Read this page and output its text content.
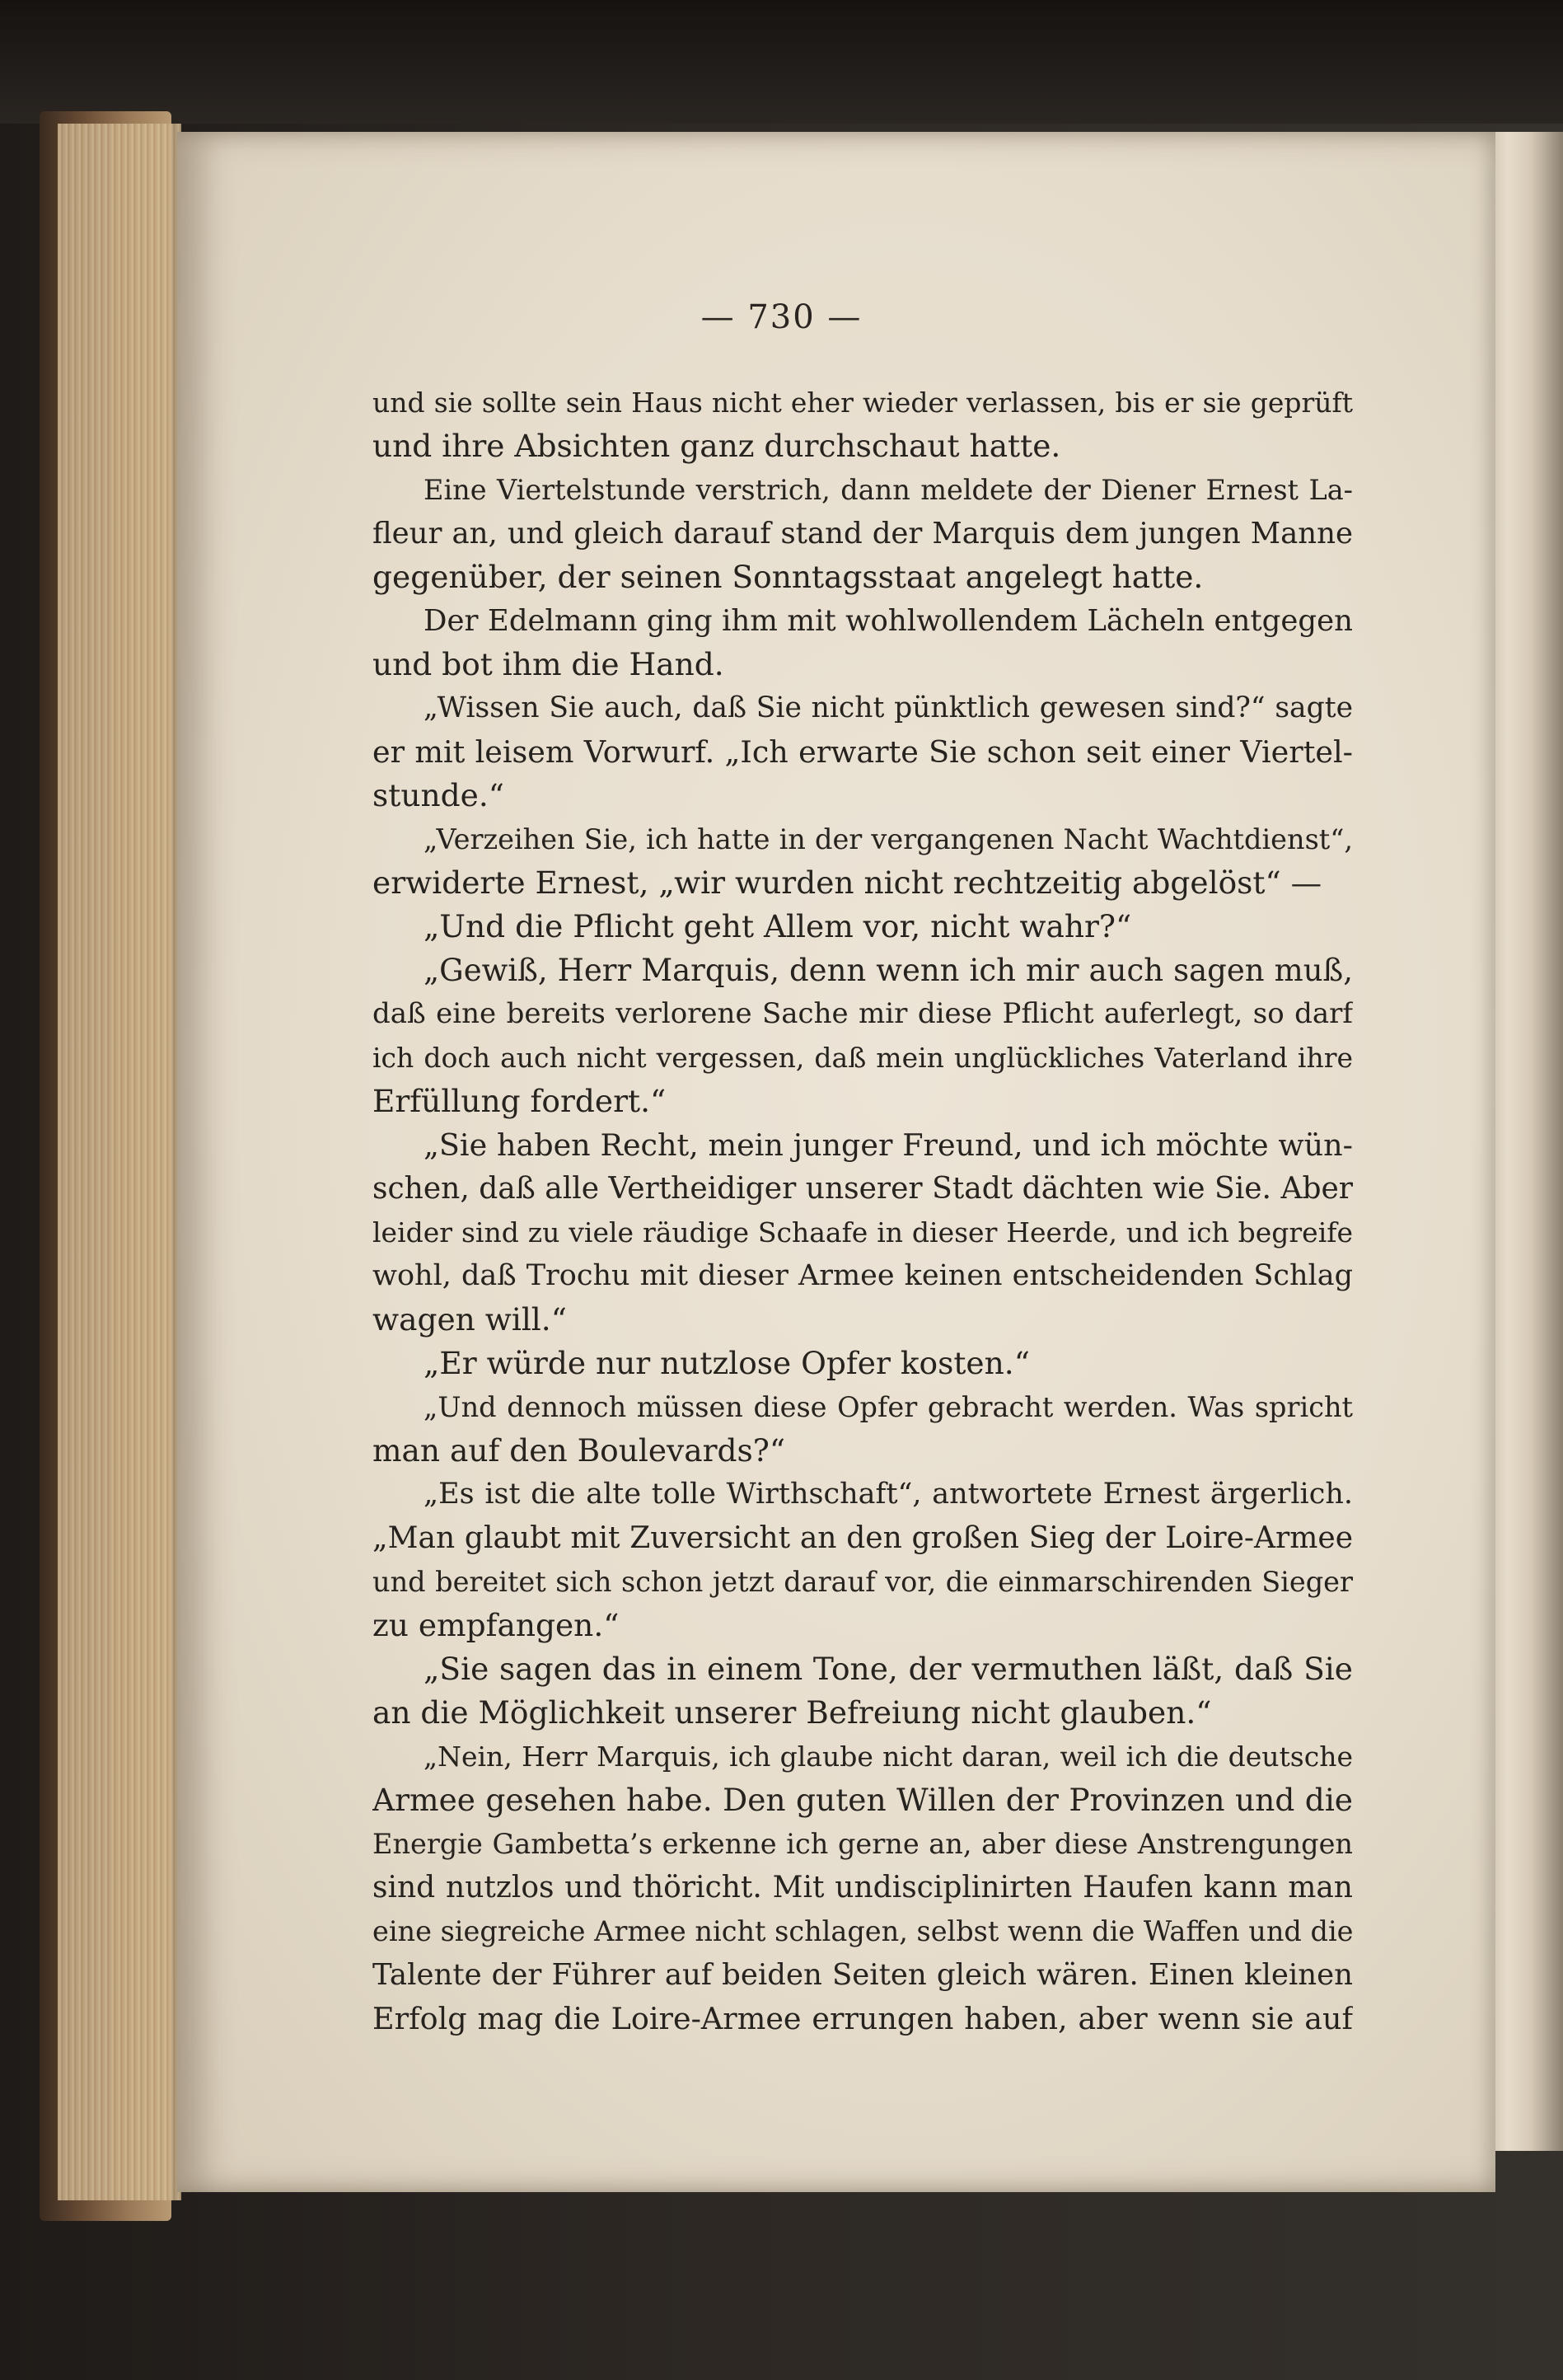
— 730 —
und sie sollte sein Haus nicht eher wieder verlassen, bis er sie geprüft
und ihre Absichten ganz durchschaut hatte.
Eine Viertelstunde verstrich, dann meldete der Diener Ernest La-
fleur an, und gleich darauf stand der Marquis dem jungen Manne
gegenüber, der seinen Sonntagsstaat angelegt hatte.
Der Edelmann ging ihm mit wohlwollendem Lächeln entgegen
und bot ihm die Hand.
„Wissen Sie auch, daß Sie nicht pünktlich gewesen sind?“ sagte
er mit leisem Vorwurf. „Ich erwarte Sie schon seit einer Viertel-
stunde.“
„Verzeihen Sie, ich hatte in der vergangenen Nacht Wachtdienst“,
erwiderte Ernest, „wir wurden nicht rechtzeitig abgelöst“ —
„Und die Pflicht geht Allem vor, nicht wahr?“
„Gewiß, Herr Marquis, denn wenn ich mir auch sagen muß,
daß eine bereits verlorene Sache mir diese Pflicht auferlegt, so darf
ich doch auch nicht vergessen, daß mein unglückliches Vaterland ihre
Erfüllung fordert.“
„Sie haben Recht, mein junger Freund, und ich möchte wün-
schen, daß alle Vertheidiger unserer Stadt dächten wie Sie. Aber
leider sind zu viele räudige Schaafe in dieser Heerde, und ich begreife
wohl, daß Trochu mit dieser Armee keinen entscheidenden Schlag
wagen will.“
„Er würde nur nutzlose Opfer kosten.“
„Und dennoch müssen diese Opfer gebracht werden. Was spricht
man auf den Boulevards?“
„Es ist die alte tolle Wirthschaft“, antwortete Ernest ärgerlich.
„Man glaubt mit Zuversicht an den großen Sieg der Loire-Armee
und bereitet sich schon jetzt darauf vor, die einmarschirenden Sieger
zu empfangen.“
„Sie sagen das in einem Tone, der vermuthen läßt, daß Sie
an die Möglichkeit unserer Befreiung nicht glauben.“
„Nein, Herr Marquis, ich glaube nicht daran, weil ich die deutsche
Armee gesehen habe. Den guten Willen der Provinzen und die
Energie Gambetta’s erkenne ich gerne an, aber diese Anstrengungen
sind nutzlos und thöricht. Mit undisciplinirten Haufen kann man
eine siegreiche Armee nicht schlagen, selbst wenn die Waffen und die
Talente der Führer auf beiden Seiten gleich wären. Einen kleinen
Erfolg mag die Loire-Armee errungen haben, aber wenn sie auf
